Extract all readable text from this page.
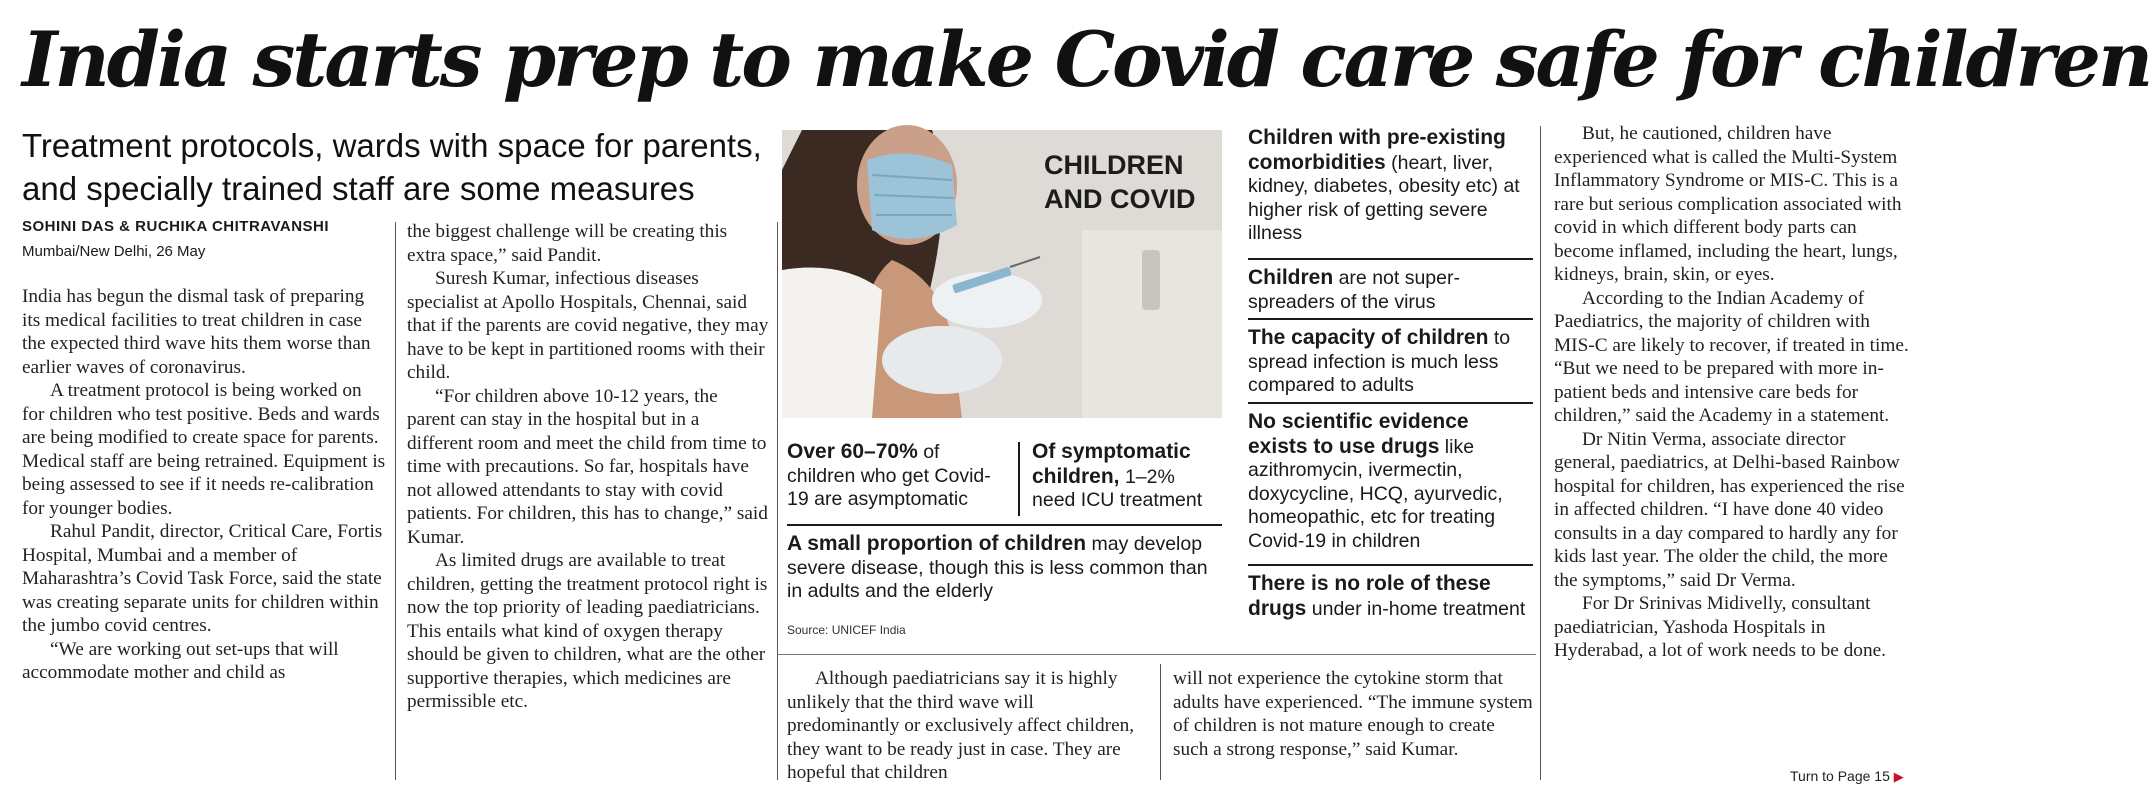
India starts prep to make Covid care safe for children
Treatment protocols, wards with space for parents, and specially trained staff are some measures
SOHINI DAS & RUCHIKA CHITRAVANSHI
Mumbai/New Delhi, 26 May

India has begun the dismal task of preparing its medical facilities to treat children in case the expected third wave hits them worse than earlier waves of coronavirus.

A treatment protocol is being worked on for children who test positive. Beds and wards are being modified to create space for parents. Medical staff are being retrained. Equipment is being assessed to see if it needs re-calibration for younger bodies.

Rahul Pandit, director, Critical Care, Fortis Hospital, Mumbai and a member of Maharashtra’s Covid Task Force, said the state was creating separate units for children within the jumbo covid centres.

“We are working out set-ups that will accommodate mother and child as

the biggest challenge will be creating this extra space,” said Pandit.

Suresh Kumar, infectious diseases specialist at Apollo Hospitals, Chennai, said that if the parents are covid negative, they may have to be kept in partitioned rooms with their child.

“For children above 10-12 years, the parent can stay in the hospital but in a different room and meet the child from time to time with precautions. So far, hospitals have not allowed attendants to stay with covid patients. For children, this has to change,” said Kumar.

As limited drugs are available to treat children, getting the treatment protocol right is now the top priority of leading paediatricians. This entails what kind of oxygen therapy should be given to children, what are the other supportive therapies, which medicines are permissible etc.

CHILDREN AND COVID
Over 60–70% of children who get Covid-19 are asymptomatic
Of symptomatic children, 1–2% need ICU treatment
A small proportion of children may develop severe disease, though this is less common than in adults and the elderly
Source: UNICEF India
Children with pre-existing comorbidities (heart, liver, kidney, diabetes, obesity etc) at higher risk of getting severe illness
Children are not super-spreaders of the virus
The capacity of children to spread infection is much less compared to adults
No scientific evidence exists to use drugs like azithromycin, ivermectin, doxycycline, HCQ, ayurvedic, homeopathic, etc for treating Covid-19 in children
There is no role of these drugs under in-home treatment

Although paediatricians say it is highly unlikely that the third wave will predominantly or exclusively affect children, they want to be ready just in case. They are hopeful that children

will not experience the cytokine storm that adults have experienced. “The immune system of children is not mature enough to create such a strong response,” said Kumar.

But, he cautioned, children have experienced what is called the Multi-System Inflammatory Syndrome or MIS-C. This is a rare but serious complication associated with covid in which different body parts can become inflamed, including the heart, lungs, kidneys, brain, skin, or eyes.

According to the Indian Academy of Paediatrics, the majority of children with MIS-C are likely to recover, if treated in time. “But we need to be prepared with more in-patient beds and intensive care beds for children,” said the Academy in a statement.

Dr Nitin Verma, associate director general, paediatrics, at Delhi-based Rainbow hospital for children, has experienced the rise in affected children. “I have done 40 video consults in a day compared to hardly any for kids last year. The older the child, the more the symptoms,” said Dr Verma.

For Dr Srinivas Midivelly, consultant paediatrician, Yashoda Hospitals in Hyderabad, a lot of work needs to be done.

Turn to Page 15 ▶
